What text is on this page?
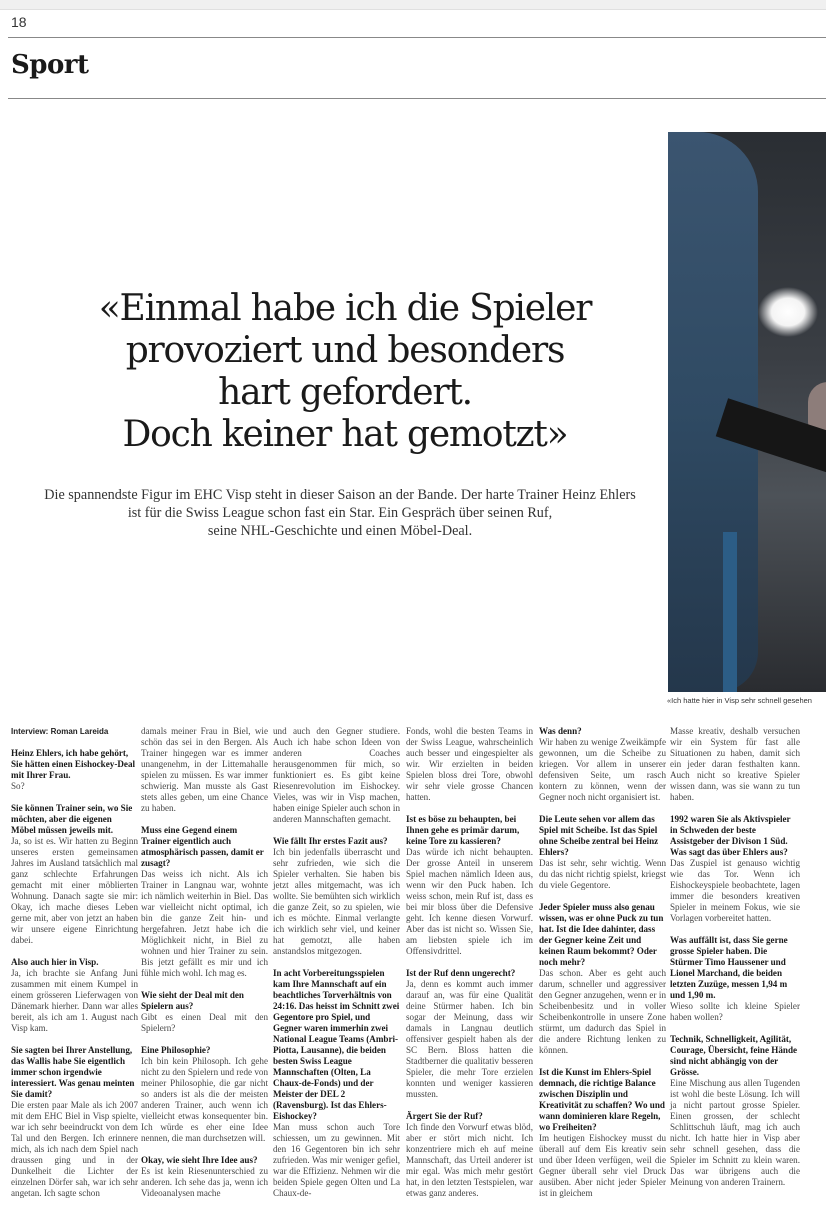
18
Sport
«Ich hatte hier in Visp sehr schnell gesehen
«Einmal habe ich die Spieler
provoziert und besonders
hart gefordert.
Doch keiner hat gemotzt»

Die spannendste Figur im EHC Visp steht in dieser Saison an der Bande. Der harte Trainer Heinz Ehlers
ist für die Swiss League schon fast ein Star. Ein Gespräch über seinen Ruf,
seine NHL-Geschichte und einen Möbel-Deal.

Interview: Roman Lareida

Heinz Ehlers, ich habe gehört, Sie hätten einen Eishockey-Deal mit Ihrer Frau.
So?

Sie können Trainer sein, wo Sie möchten, aber die eigenen Möbel müssen jeweils mit.
Ja, so ist es. Wir hatten zu Beginn unseres ersten gemeinsamen Jahres im Ausland tatsächlich mal ganz schlechte Erfahrungen gemacht mit einer möblierten Wohnung. Danach sagte sie mir: Okay, ich mache dieses Leben gerne mit, aber von jetzt an haben wir unsere eigene Einrichtung dabei.

Also auch hier in Visp.
Ja, ich brachte sie Anfang Juni zusammen mit einem Kumpel in einem grösseren Lieferwagen von Dänemark hierher. Dann war alles bereit, als ich am 1. August nach Visp kam.

Sie sagten bei Ihrer Anstellung, das Wallis habe Sie eigentlich immer schon irgendwie interessiert. Was genau meinten Sie damit?
Die ersten paar Male als ich 2007 mit dem EHC Biel in Visp spielte, war ich sehr beeindruckt von dem Tal und den Bergen. Ich erinnere mich, als ich nach dem Spiel nach draussen ging und in der Dunkelheit die Lichter der einzelnen Dörfer sah, war ich sehr angetan. Ich sagte schon

damals meiner Frau in Biel, wie schön das sei in den Bergen. Als Trainer hingegen war es immer unangenehm, in der Littemahalle spielen zu müssen. Es war immer schwierig. Man musste als Gast stets alles geben, um eine Chance zu haben.

Muss eine Gegend einem Trainer eigentlich auch atmosphärisch passen, damit er zusagt?
Das weiss ich nicht. Als ich Trainer in Langnau war, wohnte ich nämlich weiterhin in Biel. Das war vielleicht nicht optimal, ich bin die ganze Zeit hin- und hergefahren. Jetzt habe ich die Möglichkeit nicht, in Biel zu wohnen und hier Trainer zu sein. Bis jetzt gefällt es mir und ich fühle mich wohl. Ich mag es.

Wie sieht der Deal mit den Spielern aus?
Gibt es einen Deal mit den Spielern?

Eine Philosophie?
Ich bin kein Philosoph. Ich gehe nicht zu den Spielern und rede von meiner Philosophie, die gar nicht so anders ist als die der meisten anderen Trainer, auch wenn ich vielleicht etwas konsequenter bin. Ich würde es eher eine Idee nennen, die man durchsetzen will.

Okay, wie sieht Ihre Idee aus?
Es ist kein Riesenunterschied zu anderen. Ich sehe das ja, wenn ich Videoanalysen mache

und auch den Gegner studiere. Auch ich habe schon Ideen von anderen Coaches herausgenommen für mich, so funktioniert es. Es gibt keine Riesenrevolution im Eishockey. Vieles, was wir in Visp machen, haben einige Spieler auch schon in anderen Mannschaften gemacht.

Wie fällt Ihr erstes Fazit aus?
Ich bin jedenfalls überrascht und sehr zufrieden, wie sich die Spieler verhalten. Sie haben bis jetzt alles mitgemacht, was ich wollte. Sie bemühten sich wirklich die ganze Zeit, so zu spielen, wie ich es möchte. Einmal verlangte ich wirklich sehr viel, und keiner hat gemotzt, alle haben anstandslos mitgezogen.

In acht Vorbereitungsspielen kam Ihre Mannschaft auf ein beachtliches Torverhältnis von 24:16. Das heisst im Schnitt zwei Gegentore pro Spiel, und Gegner waren immerhin zwei National League Teams (Ambri-Piotta, Lausanne), die beiden besten Swiss League Mannschaften (Olten, La Chaux-de-Fonds) und der Meister der DEL 2 (Ravensburg). Ist das Ehlers-Eishockey?
Man muss schon auch Tore schiessen, um zu gewinnen. Mit den 16 Gegentoren bin ich sehr zufrieden. Was mir weniger gefiel, war die Effizienz. Nehmen wir die beiden Spiele gegen Olten und La Chaux-de-

Fonds, wohl die besten Teams in der Swiss League, wahrscheinlich auch besser und eingespielter als wir. Wir erzielten in beiden Spielen bloss drei Tore, obwohl wir sehr viele grosse Chancen hatten.

Ist es böse zu behaupten, bei Ihnen gehe es primär darum, keine Tore zu kassieren?
Das würde ich nicht behaupten. Der grosse Anteil in unserem Spiel machen nämlich Ideen aus, wenn wir den Puck haben. Ich weiss schon, mein Ruf ist, dass es bei mir bloss über die Defensive geht. Ich kenne diesen Vorwurf. Aber das ist nicht so. Wissen Sie, am liebsten spiele ich im Offensivdrittel.

Ist der Ruf denn ungerecht?
Ja, denn es kommt auch immer darauf an, was für eine Qualität deine Stürmer haben. Ich bin sogar der Meinung, dass wir damals in Langnau deutlich offensiver gespielt haben als der SC Bern. Bloss hatten die Stadtberner die qualitativ besseren Spieler, die mehr Tore erzielen konnten und weniger kassieren mussten.

Ärgert Sie der Ruf?
Ich finde den Vorwurf etwas blöd, aber er stört mich nicht. Ich konzentriere mich eh auf meine Mannschaft, das Urteil anderer ist mir egal. Was mich mehr gestört hat, in den letzten Testspielen, war etwas ganz anderes.

Was denn?
Wir haben zu wenige Zweikämpfe gewonnen, um die Scheibe zu kriegen. Vor allem in unserer defensiven Seite, um rasch kontern zu können, wenn der Gegner noch nicht organisiert ist.

Die Leute sehen vor allem das Spiel mit Scheibe. Ist das Spiel ohne Scheibe zentral bei Heinz Ehlers?
Das ist sehr, sehr wichtig. Wenn du das nicht richtig spielst, kriegst du viele Gegentore.

Jeder Spieler muss also genau wissen, was er ohne Puck zu tun hat. Ist die Idee dahinter, dass der Gegner keine Zeit und keinen Raum bekommt? Oder noch mehr?
Das schon. Aber es geht auch darum, schneller und aggressiver den Gegner anzugehen, wenn er in Scheibenbesitz und in voller Scheibenkontrolle in unsere Zone stürmt, um dadurch das Spiel in die andere Richtung lenken zu können.

Ist die Kunst im Ehlers-Spiel demnach, die richtige Balance zwischen Disziplin und Kreativität zu schaffen? Wo und wann dominieren klare Regeln, wo Freiheiten?
Im heutigen Eishockey musst du überall auf dem Eis kreativ sein und über Ideen verfügen, weil die Gegner überall sehr viel Druck ausüben. Aber nicht jeder Spieler ist in gleichem

Masse kreativ, deshalb versuchen wir ein System für fast alle Situationen zu haben, damit sich ein jeder daran festhalten kann. Auch nicht so kreative Spieler wissen dann, was sie wann zu tun haben.

1992 waren Sie als Aktivspieler in Schweden der beste Assistgeber der Divison 1 Süd. Was sagt das über Ehlers aus?
Das Zuspiel ist genauso wichtig wie das Tor. Wenn ich Eishockeyspiele beobachtete, lagen immer die besonders kreativen Spieler in meinem Fokus, wie sie Vorlagen vorbereitet hatten.

Was auffällt ist, dass Sie gerne grosse Spieler haben. Die Stürmer Timo Haussener und Lionel Marchand, die beiden letzten Zuzüge, messen 1,94 m und 1,90 m.
Wieso sollte ich kleine Spieler haben wollen?

Technik, Schnelligkeit, Agilität, Courage, Übersicht, feine Hände sind nicht abhängig von der Grösse.
Eine Mischung aus allen Tugenden ist wohl die beste Lösung. Ich will ja nicht partout grosse Spieler. Einen grossen, der schlecht Schlittschuh läuft, mag ich auch nicht. Ich hatte hier in Visp aber sehr schnell gesehen, dass die Spieler im Schnitt zu klein waren. Das war übrigens auch die Meinung von anderen Trainern.
